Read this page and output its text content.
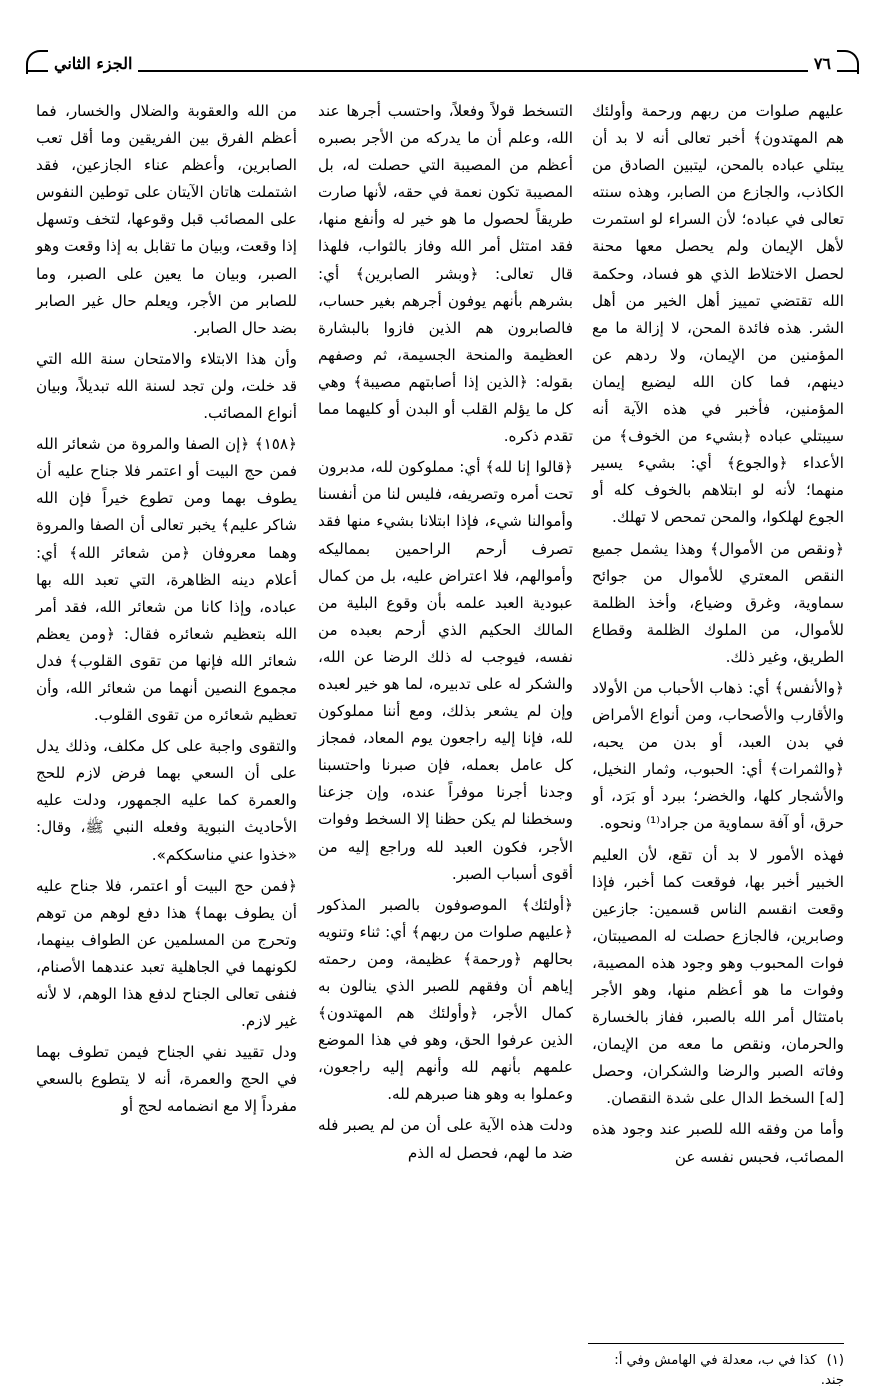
٧٦
الجزء الثاني

عليهم صلوات من ربهم ورحمة وأولئك هم المهتدون﴾ أخبر تعالى أنه لا بد أن يبتلي عباده بالمحن، ليتبين الصادق من الكاذب، والجازع من الصابر، وهذه سنته تعالى في عباده؛ لأن السراء لو استمرت لأهل الإيمان ولم يحصل معها محنة لحصل الاختلاط الذي هو فساد، وحكمة الله تقتضي تمييز أهل الخير من أهل الشر. هذه فائدة المحن، لا إزالة ما مع المؤمنين من الإيمان، ولا ردهم عن دينهم، فما كان الله ليضيع إيمان المؤمنين، فأخبر في هذه الآية أنه سيبتلي عباده ﴿بشيء من الخوف﴾ من الأعداء ﴿والجوع﴾ أي: بشيء يسير منهما؛ لأنه لو ابتلاهم بالخوف كله أو الجوع لهلكوا، والمحن تمحص لا تهلك.

﴿ونقص من الأموال﴾ وهذا يشمل جميع النقص المعتري للأموال من جوائح سماوية، وغرق وضياع، وأخذ الظلمة للأموال، من الملوك الظلمة وقطاع الطريق، وغير ذلك.

﴿والأنفس﴾ أي: ذهاب الأحباب من الأولاد والأقارب والأصحاب، ومن أنواع الأمراض في بدن العبد، أو بدن من يحبه، ﴿والثمرات﴾ أي: الحبوب، وثمار النخيل، والأشجار كلها، والخضر؛ ببرد أو بَرَد، أو حرق، أو آفة سماوية من جراد⁽¹⁾ ونحوه.

فهذه الأمور لا بد أن تقع، لأن العليم الخبير أخبر بها، فوقعت كما أخبر، فإذا وقعت انقسم الناس قسمين: جازعين وصابرين، فالجازع حصلت له المصيبتان، فوات المحبوب وهو وجود هذه المصيبة، وفوات ما هو أعظم منها، وهو الأجر بامتثال أمر الله بالصبر، ففاز بالخسارة والحرمان، ونقص ما معه من الإيمان، وفاته الصبر والرضا والشكران، وحصل [له] السخط الدال على شدة النقصان.

وأما من وفقه الله للصبر عند وجود هذه المصائب، فحبس نفسه عن

التسخط قولاً وفعلاً، واحتسب أجرها عند الله، وعلم أن ما يدركه من الأجر بصبره أعظم من المصيبة التي حصلت له، بل المصيبة تكون نعمة في حقه، لأنها صارت طريقاً لحصول ما هو خير له وأنفع منها، فقد امتثل أمر الله وفاز بالثواب، فلهذا قال تعالى: ﴿وبشر الصابرين﴾ أي: بشرهم بأنهم يوفون أجرهم بغير حساب، فالصابرون هم الذين فازوا بالبشارة العظيمة والمنحة الجسيمة، ثم وصفهم بقوله: ﴿الذين إذا أصابتهم مصيبة﴾ وهي كل ما يؤلم القلب أو البدن أو كليهما مما تقدم ذكره.

﴿قالوا إنا لله﴾ أي: مملوكون لله، مدبرون تحت أمره وتصريفه، فليس لنا من أنفسنا وأموالنا شيء، فإذا ابتلانا بشيء منها فقد تصرف أرحم الراحمين بمماليكه وأموالهم، فلا اعتراض عليه، بل من كمال عبودية العبد علمه بأن وقوع البلية من المالك الحكيم الذي أرحم بعبده من نفسه، فيوجب له ذلك الرضا عن الله، والشكر له على تدبيره، لما هو خير لعبده وإن لم يشعر بذلك، ومع أننا مملوكون لله، فإنا إليه راجعون يوم المعاد، فمجاز كل عامل بعمله، فإن صبرنا واحتسبنا وجدنا أجرنا موفراً عنده، وإن جزعنا وسخطنا لم يكن حظنا إلا السخط وفوات الأجر، فكون العبد لله وراجع إليه من أقوى أسباب الصبر.

﴿أولئك﴾ الموصوفون بالصبر المذكور ﴿عليهم صلوات من ربهم﴾ أي: ثناء وتنويه بحالهم ﴿ورحمة﴾ عظيمة، ومن رحمته إياهم أن وفقهم للصبر الذي ينالون به كمال الأجر، ﴿وأولئك هم المهتدون﴾ الذين عرفوا الحق، وهو في هذا الموضع علمهم بأنهم لله وأنهم إليه راجعون، وعملوا به وهو هنا صبرهم لله.

ودلت هذه الآية على أن من لم يصبر فله ضد ما لهم، فحصل له الذم

من الله والعقوبة والضلال والخسار، فما أعظم الفرق بين الفريقين وما أقل تعب الصابرين، وأعظم عناء الجازعين، فقد اشتملت هاتان الآيتان على توطين النفوس على المصائب قبل وقوعها، لتخف وتسهل إذا وقعت، وبيان ما تقابل به إذا وقعت وهو الصبر، وبيان ما يعين على الصبر، وما للصابر من الأجر، ويعلم حال غير الصابر بضد حال الصابر.

وأن هذا الابتلاء والامتحان سنة الله التي قد خلت، ولن تجد لسنة الله تبديلاً، وبيان أنواع المصائب.

﴿١٥٨﴾ ﴿إن الصفا والمروة من شعائر الله فمن حج البيت أو اعتمر فلا جناح عليه أن يطوف بهما ومن تطوع خيراً فإن الله شاكر عليم﴾ يخبر تعالى أن الصفا والمروة وهما معروفان ﴿من شعائر الله﴾ أي: أعلام دينه الظاهرة، التي تعبد الله بها عباده، وإذا كانا من شعائر الله، فقد أمر الله بتعظيم شعائره فقال: ﴿ومن يعظم شعائر الله فإنها من تقوى القلوب﴾ فدل مجموع النصين أنهما من شعائر الله، وأن تعظيم شعائره من تقوى القلوب.

والتقوى واجبة على كل مكلف، وذلك يدل على أن السعي بهما فرض لازم للحج والعمرة كما عليه الجمهور، ودلت عليه الأحاديث النبوية وفعله النبي ﷺ، وقال: «خذوا عني مناسككم».

﴿فمن حج البيت أو اعتمر، فلا جناح عليه أن يطوف بهما﴾ هذا دفع لوهم من توهم وتحرج من المسلمين عن الطواف بينهما، لكونهما في الجاهلية تعبد عندهما الأصنام، فنفى تعالى الجناح لدفع هذا الوهم، لا لأنه غير لازم.

ودل تقييد نفي الجناح فيمن تطوف بهما في الحج والعمرة، أنه لا يتطوع بالسعي مفرداً إلا مع انضمامه لحج أو

(١)كذا في ب، معدلة في الهامش وفي أ: جند.
